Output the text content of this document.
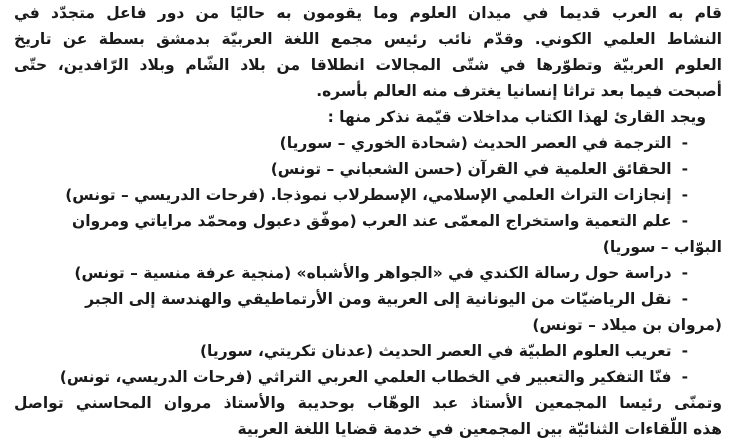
قام به العرب قديما في ميدان العلوم وما يقومون به حاليًا من دور فاعل متجدّد في
النشاط العلمي الكوني. وقدّم نائب رئيس مجمع اللغة العربيّة بدمشق بسطة عن تاريخ
العلوم العربيّة وتطوّرها في شتّى المجالات انطلاقا من بلاد الشّام وبلاد الرّافدين، حتّى
أصبحت فيما بعد تراثا إنسانيا يغترف منه العالم بأسره.
ويجد القارئ لهذا الكتاب مداخلات قيّمة نذكر منها :
- الترجمة في العصر الحديث (شحادة الخوري – سوريا)
- الحقائق العلمية في القرآن (حسن الشعباني – تونس)
- إنجازات التراث العلمي الإسلامي، الإسطرلاب نموذجا. (فرحات الدريسي – تونس)
- علم التعمية واستخراج المعمّى عند العرب (موفّق دعبول ومحمّد مراياتي ومروان
البوّاب – سوريا)
- دراسة حول رسالة الكندي في «الجواهر والأشباه» (منجية عرفة منسية – تونس)
- نقل الرياضيّات من اليونانية إلى العربية ومن الأرتماطيقي والهندسة إلى الجبر
(مروان بن ميلاد – تونس)
- تعريب العلوم الطبيّة في العصر الحديث (عدنان تكريتي، سوريا)
- فنّا التفكير والتعبير في الخطاب العلمي العربي التراثي (فرحات الدريسي، تونس)
وتمنّى رئيسا المجمعين الأستاذ عبد الوهّاب بوحديبة والأستاذ مروان المحاسني تواصل
هذه اللّقاءات الثنائيّة بين المجمعين في خدمة قضايا اللغة العربية
